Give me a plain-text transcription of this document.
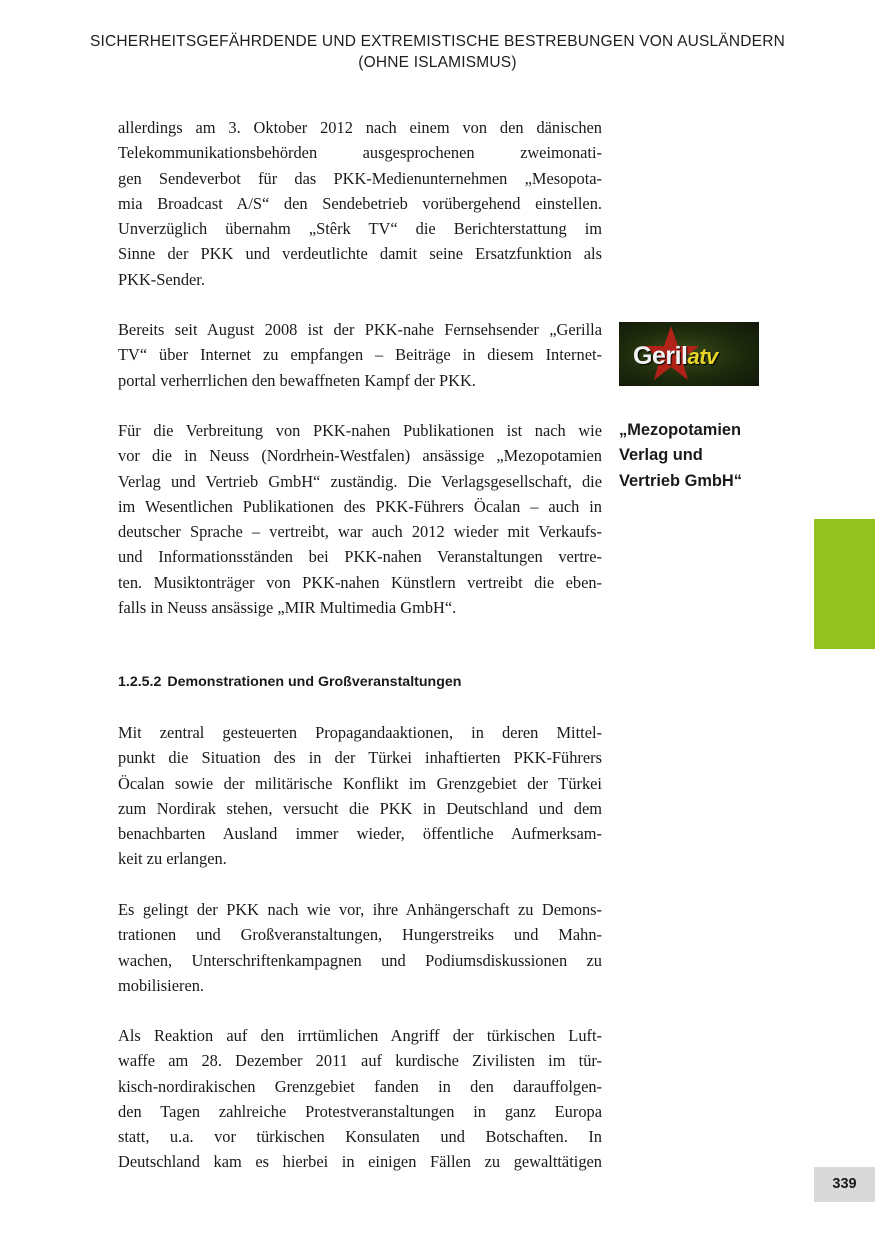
SICHERHEITSGEFÄHRDENDE UND EXTREMISTISCHE BESTREBUNGEN VON AUSLÄNDERN
(OHNE ISLAMISMUS)
allerdings am 3. Oktober 2012 nach einem von den dänischen
Telekommunikationsbehörden ausgesprochenen zweimonati-
gen Sendeverbot für das PKK-Medienunternehmen „Mesopota-
mia Broadcast A/S“ den Sendebetrieb vorübergehend einstellen.
Unverzüglich übernahm „Stêrk TV“ die Berichterstattung im
Sinne der PKK und verdeutlichte damit seine Ersatzfunktion als
PKK-Sender.
Bereits seit August 2008 ist der PKK-nahe Fernsehsender „Gerilla
TV“ über Internet zu empfangen – Beiträge in diesem Internet-
portal verherrlichen den bewaffneten Kampf der PKK.
Für die Verbreitung von PKK-nahen Publikationen ist nach wie
vor die in Neuss (Nordrhein-Westfalen) ansässige „Mezopotamien
Verlag und Vertrieb GmbH“ zuständig. Die Verlagsgesellschaft, die
im Wesentlichen Publikationen des PKK-Führers Öcalan – auch in
deutscher Sprache – vertreibt, war auch 2012 wieder mit Verkaufs-
und Informationsständen bei PKK-nahen Veranstaltungen vertre-
ten. Musiktonträger von PKK-nahen Künstlern vertreibt die eben-
falls in Neuss ansässige „MIR Multimedia GmbH“.
1.2.5.2 Demonstrationen und Großveranstaltungen
Mit zentral gesteuerten Propagandaaktionen, in deren Mittel-
punkt die Situation des in der Türkei inhaftierten PKK-Führers
Öcalan sowie der militärische Konflikt im Grenzgebiet der Türkei
zum Nordirak stehen, versucht die PKK in Deutschland und dem
benachbarten Ausland immer wieder, öffentliche Aufmerksam-
keit zu erlangen.
Es gelingt der PKK nach wie vor, ihre Anhängerschaft zu Demons-
trationen und Großveranstaltungen, Hungerstreiks und Mahn-
wachen, Unterschriftenkampagnen und Podiumsdiskussionen zu
mobilisieren.
Als Reaktion auf den irrtümlichen Angriff der türkischen Luft-
waffe am 28. Dezember 2011 auf kurdische Zivilisten im tür-
kisch-nordirakischen Grenzgebiet fanden in den darauffolgen-
den Tagen zahlreiche Protestveranstaltungen in ganz Europa
statt, u.a. vor türkischen Konsulaten und Botschaften. In
Deutschland kam es hierbei in einigen Fällen zu gewalttätigen
Gerilatv
„Mezopotamien
Verlag und
Vertrieb GmbH“
339
